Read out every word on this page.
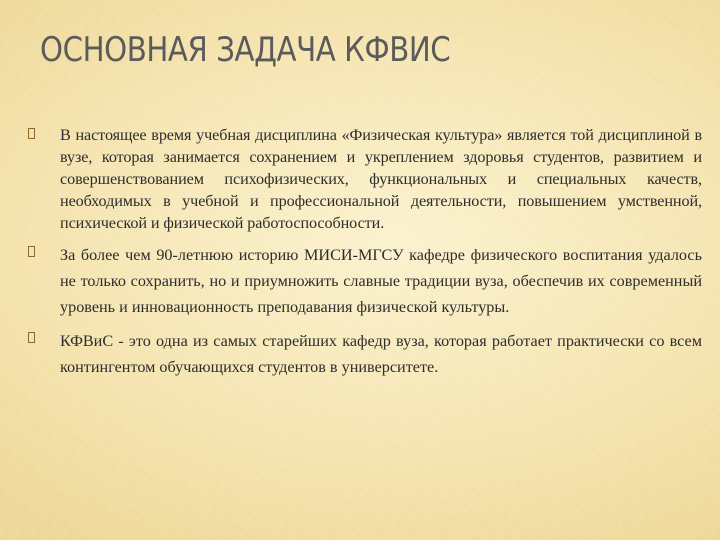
ОСНОВНАЯ ЗАДАЧА КФВИС
В настоящее время учебная дисциплина «Физическая культура» является той дисциплиной в вузе, которая занимается сохранением и укреплением здоровья студентов, развитием и совершенствованием психофизических, функциональных и специальных качеств, необходимых в учебной и профессиональной деятельности, повышением умственной, психической и физической работоспособности.
За более чем 90-летнюю историю МИСИ-МГСУ кафедре физического воспитания удалось не только сохранить, но и приумножить славные традиции вуза, обеспечив их современный уровень и инновационность преподавания физической культуры.
КФВиС - это одна из самых старейших кафедр вуза, которая работает практически со всем контингентом обучающихся студентов в университете.
